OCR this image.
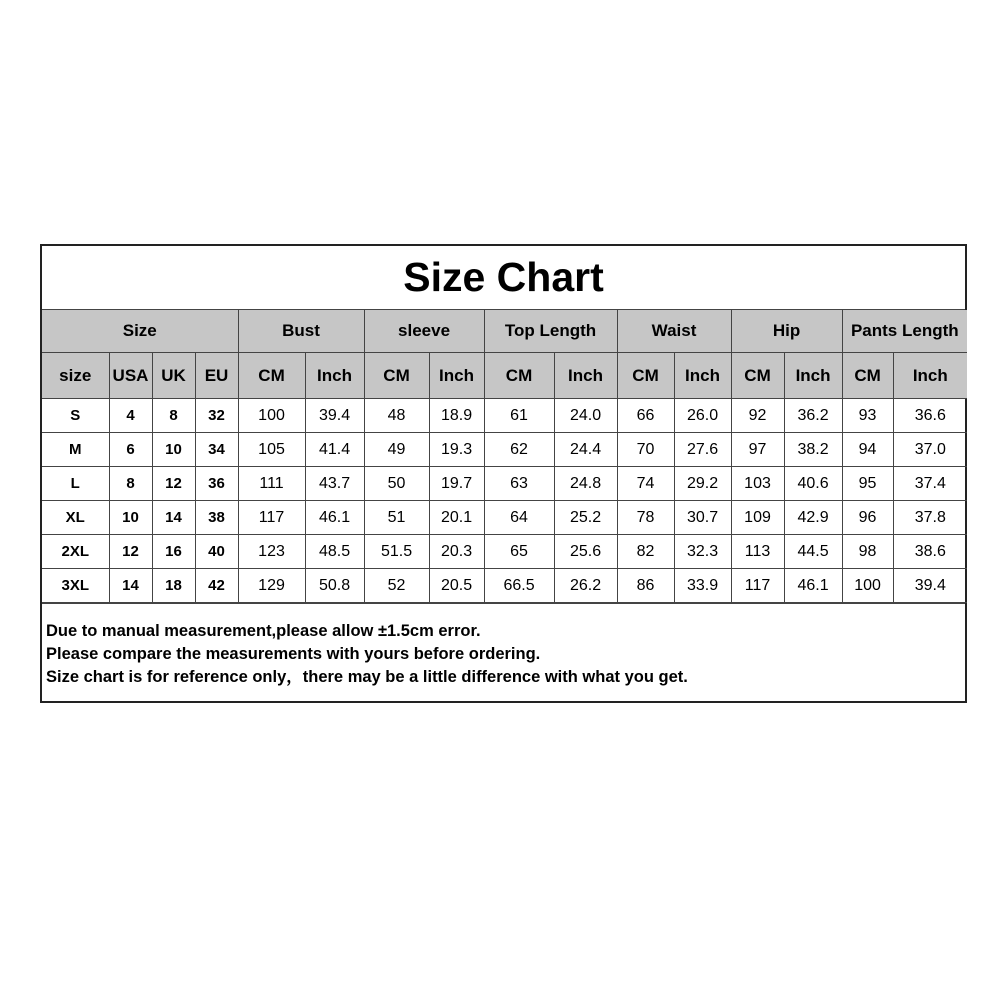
Size Chart
Size				Bust		sleeve		Top Length		Waist		Hip		Pants Length	
size	USA	UK	EU	CM	Inch	CM	Inch	CM	Inch	CM	Inch	CM	Inch	CM	Inch
S	4	8	32	100	39.4	48	18.9	61	24.0	66	26.0	92	36.2	93	36.6
M	6	10	34	105	41.4	49	19.3	62	24.4	70	27.6	97	38.2	94	37.0
L	8	12	36	111	43.7	50	19.7	63	24.8	74	29.2	103	40.6	95	37.4
XL	10	14	38	117	46.1	51	20.1	64	25.2	78	30.7	109	42.9	96	37.8
2XL	12	16	40	123	48.5	51.5	20.3	65	25.6	82	32.3	113	44.5	98	38.6
3XL	14	18	42	129	50.8	52	20.5	66.5	26.2	86	33.9	117	46.1	100	39.4
Due to manual measurement,please allow ±1.5cm error.
Please compare the measurements with yours before ordering.
Size chart is for reference only，there may be a little difference with what you get.
